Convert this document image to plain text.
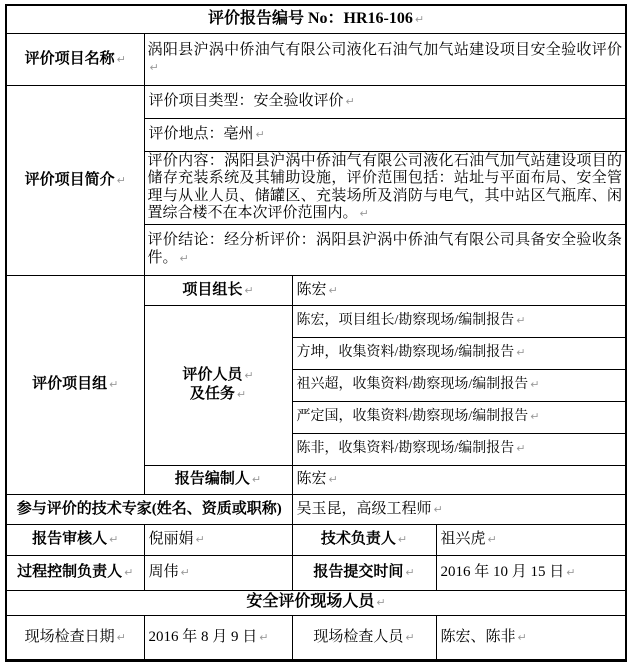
评价报告编号 No：HR16-106 ↵			
评价项目名称 ↵	涡阳县沪涡中侨油气有限公司液化石油气加气站建设项目安全验收评价↵		
评价项目简介 ↵	评价项目类型：安全验收评价 ↵		
	评价地点：亳州 ↵		
	评价内容：涡阳县沪涡中侨油气有限公司液化石油气加气站建设项目的储存充装系统及其辅助设施，评价范围包括：站址与平面布局、安全管理与从业人员、储罐区、充装场所及消防与电气，其中站区气瓶库、闲置综合楼不在本次评价范围内。 ↵		
	评价结论：经分析评价：涡阳县沪涡中侨油气有限公司具备安全验收条件。 ↵		
评价项目组 ↵	项目组长 ↵	陈宏 ↵	

	评价人员 ↵
及任务 ↵	陈宏，项目组长/勘察现场/编制报告 ↵	
		方坤，收集资料/勘察现场/编制报告 ↵	
		祖兴超，收集资料/勘察现场/编制报告 ↵	
		严定国，收集资料/勘察现场/编制报告 ↵	
		陈非，收集资料/勘察现场/编制报告 ↵	
	报告编制人 ↵	陈宏 ↵	
参与评价的技术专家(姓名、资质或职称)		吴玉昆，高级工程师 ↵	
报告审核人 ↵	倪丽娟 ↵	技术负责人 ↵	祖兴虎 ↵
过程控制负责人 ↵	周伟 ↵	报告提交时间 ↵	2016 年 10 月 15 日 ↵
安全评价现场人员 ↵			
现场检查日期 ↵	2016 年 8 月 9 日 ↵	现场检查人员 ↵	陈宏、陈非 ↵
